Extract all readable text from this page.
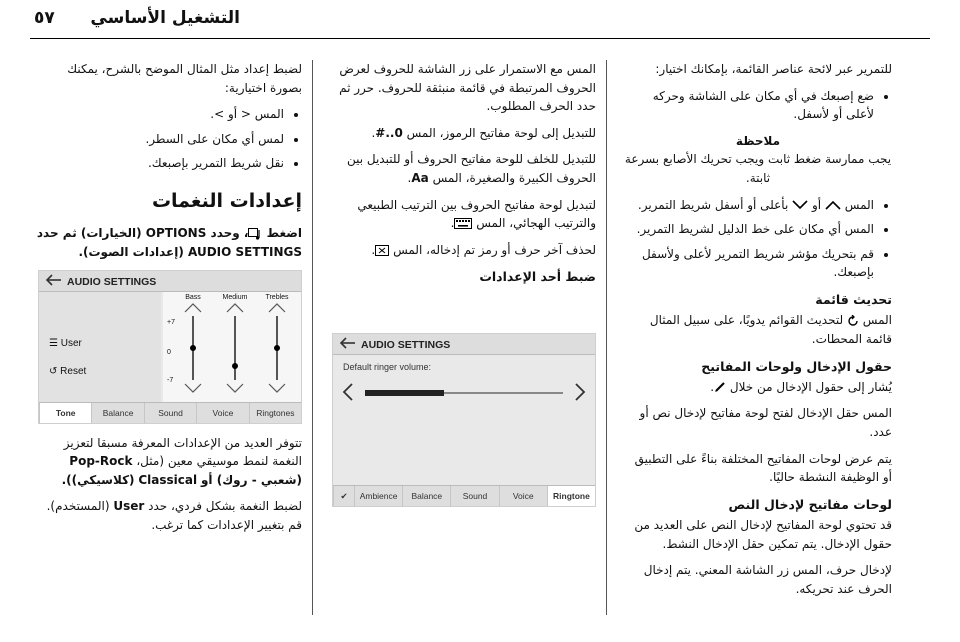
التشغيل الأساسي
٥٧

للتمرير عبر لائحة عناصر القائمة، بإمكانك اختيار:

• ضع إصبعك في أي مكان على الشاشة وحركه لأعلى أو لأسفل.
ملاحظة

يجب ممارسة ضغط ثابت ويجب تحريك الأصابع بسرعة ثابتة.

• المس  أو  بأعلى أو أسفل شريط التمرير.
• المس أي مكان على خط الدليل لشريط التمرير.
• قم بتحريك مؤشر شريط التمرير لأعلى ولأسفل بإصبعك.
تحديث قائمة

المس  لتحديث القوائم يدويًا، على سبيل المثال قائمة المحطات.

حقول الإدخال ولوحات المفاتيح

يُشار إلى حقول الإدخال من خلال .

المس حقل الإدخال لفتح لوحة مفاتيح لإدخال نص أو عدد.

يتم عرض لوحات المفاتيح المختلفة بناءً على التطبيق أو الوظيفة النشطة حاليًا.

لوحات مفاتيح لإدخال النص

قد تحتوي لوحة المفاتيح لإدخال النص على العديد من حقول الإدخال. يتم تمكين حقل الإدخال النشط.

لإدخال حرف، المس زر الشاشة المعني. يتم إدخال الحرف عند تحريكه.

المس مع الاستمرار على زر الشاشة للحروف لعرض الحروف المرتبطة في قائمة منبثقة للحروف. حرر ثم حدد الحرف المطلوب.

للتبديل إلى لوحة مفاتيح الرموز، المس 0..#.

للتبديل للخلف للوحة مفاتيح الحروف أو للتبديل بين الحروف الكبيرة والصغيرة، المس Aa.

لتبديل لوحة مفاتيح الحروف بين الترتيب الطبيعي والترتيب الهجائي، المس .

لحذف آخر حرف أو رمز تم إدخاله، المس .

ضبط أحد الإعدادات
AUDIO SETTINGS
Default ringer volume:
✔	Ambience	Balance	Sound	Voice	Ringtone

لضبط إعداد مثل المثال الموضح بالشرح، يمكنك بصورة اختيارية:

• المس < أو >.
• لمس أي مكان على السطر.
• نقل شريط التمرير بإصبعك.
إعدادات النغمات

اضغط ، وحدد OPTIONS (الخيارات) ثم حدد AUDIO SETTINGS (إعدادات الصوت).

AUDIO SETTINGS
☰ User
↺ Reset
+7
0
-7
Bass	Medium	Trebles
Tone	Balance	Sound	Voice	Ringtones

تتوفر العديد من الإعدادات المعرفة مسبقا لتعزيز النغمة لنمط موسيقي معين (مثل، Pop-Rock (شعبي - روك) أو Classical (كلاسيكي)).

لضبط النغمة بشكل فردي، حدد User (المستخدم). قم بتغيير الإعدادات كما ترغب.
